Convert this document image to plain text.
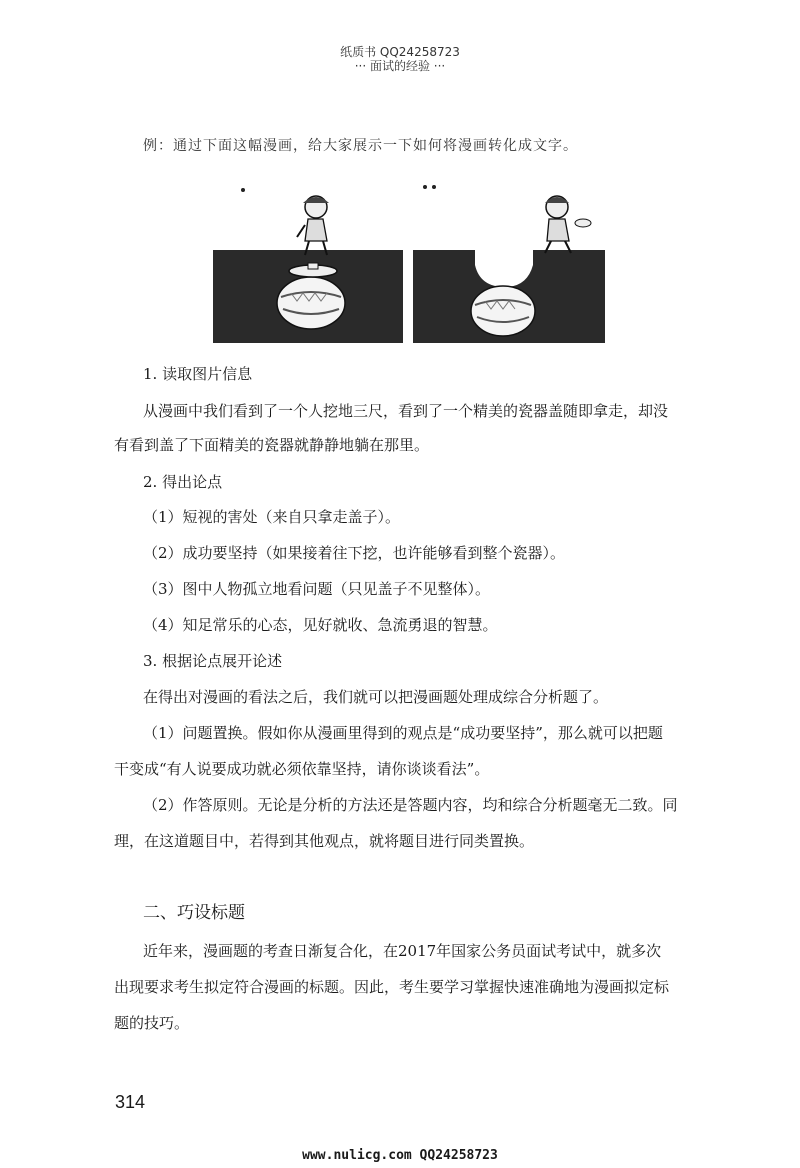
纸质书 QQ24258723
··· 面试的经验 ···
例：通过下面这幅漫画，给大家展示一下如何将漫画转化成文字。
1. 读取图片信息
从漫画中我们看到了一个人挖地三尺，看到了一个精美的瓷器盖随即拿走，却没
有看到盖了下面精美的瓷器就静静地躺在那里。
2. 得出论点
（1）短视的害处（来自只拿走盖子）。
（2）成功要坚持（如果接着往下挖，也许能够看到整个瓷器）。
（3）图中人物孤立地看问题（只见盖子不见整体）。
（4）知足常乐的心态，见好就收、急流勇退的智慧。
3. 根据论点展开论述
在得出对漫画的看法之后，我们就可以把漫画题处理成综合分析题了。
（1）问题置换。假如你从漫画里得到的观点是“成功要坚持”，那么就可以把题
干变成“有人说要成功就必须依靠坚持，请你谈谈看法”。
（2）作答原则。无论是分析的方法还是答题内容，均和综合分析题毫无二致。同
理，在这道题目中，若得到其他观点，就将题目进行同类置换。
二、巧设标题
近年来，漫画题的考查日渐复合化，在2017年国家公务员面试考试中，就多次
出现要求考生拟定符合漫画的标题。因此，考生要学习掌握快速准确地为漫画拟定标
题的技巧。
314
www.nulicg.com QQ24258723
